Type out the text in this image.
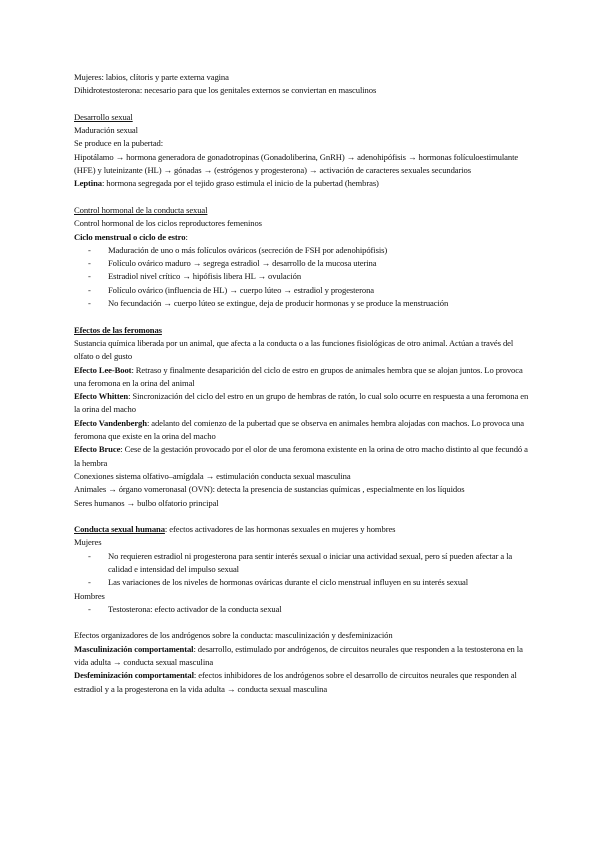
Mujeres: labios, clítoris y parte externa vagina

Dihidrotestosterona: necesario para que los genitales externos se conviertan en masculinos

Desarrollo sexual

Maduración sexual

Se produce en la pubertad:

Hipotálamo → hormona generadora de gonadotropinas (Gonadoliberina, GnRH) → adenohipófisis → hormonas folículoestimulante (HFE) y luteinizante (HL) → gónadas → (estrógenos y progesterona) → activación de caracteres sexuales secundarios

Leptina: hormona segregada por el tejido graso estimula el inicio de la pubertad (hembras)

Control hormonal de la conducta sexual

Control hormonal de los ciclos reproductores femeninos

Ciclo menstrual o ciclo de estro:

- Maduración de uno o más folículos ováricos (secreción de FSH por adenohipófisis)
- Folículo ovárico maduro → segrega estradiol → desarrollo de la mucosa uterina
- Estradiol nivel crítico → hipófisis libera HL → ovulación
- Folículo ovárico (influencia de HL) → cuerpo lúteo → estradiol y progesterona
- No fecundación → cuerpo lúteo se extingue, deja de producir hormonas y se produce la menstruación

Efectos de las feromonas

Sustancia química liberada por un animal, que afecta a la conducta o a las funciones fisiológicas de otro animal. Actúan a través del olfato o del gusto

Efecto Lee-Boot: Retraso y finalmente desaparición del ciclo de estro en grupos de animales hembra que se alojan juntos. Lo provoca una feromona en la orina del animal

Efecto Whitten: Sincronización del ciclo del estro en un grupo de hembras de ratón, lo cual solo ocurre en respuesta a una feromona en la orina del macho

Efecto Vandenbergh: adelanto del comienzo de la pubertad que se observa en animales hembra alojadas con machos. Lo provoca una feromona que existe en la orina del macho

Efecto Bruce: Cese de la gestación provocado por el olor de una feromona existente en la orina de otro macho distinto al que fecundó a la hembra

Conexiones sistema olfativo–amígdala → estimulación conducta sexual masculina

Animales → órgano vomeronasal (OVN): detecta la presencia de sustancias químicas , especialmente en los líquidos

Seres humanos → bulbo olfatorio principal

Conducta sexual humana: efectos activadores de las hormonas sexuales en mujeres y hombres

Mujeres

- No requieren estradiol ni progesterona para sentir interés sexual o iniciar una actividad sexual, pero sí pueden afectar a la calidad e intensidad del impulso sexual
- Las variaciones de los niveles de hormonas ováricas durante el ciclo menstrual influyen en su interés sexual

Hombres

- Testosterona: efecto activador de la conducta sexual

Efectos organizadores de los andrógenos sobre la conducta: masculinización y desfeminización

Masculinización comportamental: desarrollo, estimulado por andrógenos, de circuitos neurales que responden a la testosterona en la vida adulta → conducta sexual masculina

Desfeminización comportamental: efectos inhibidores de los andrógenos sobre el desarrollo de circuitos neurales que responden al estradiol y a la progesterona en la vida adulta → conducta sexual masculina
